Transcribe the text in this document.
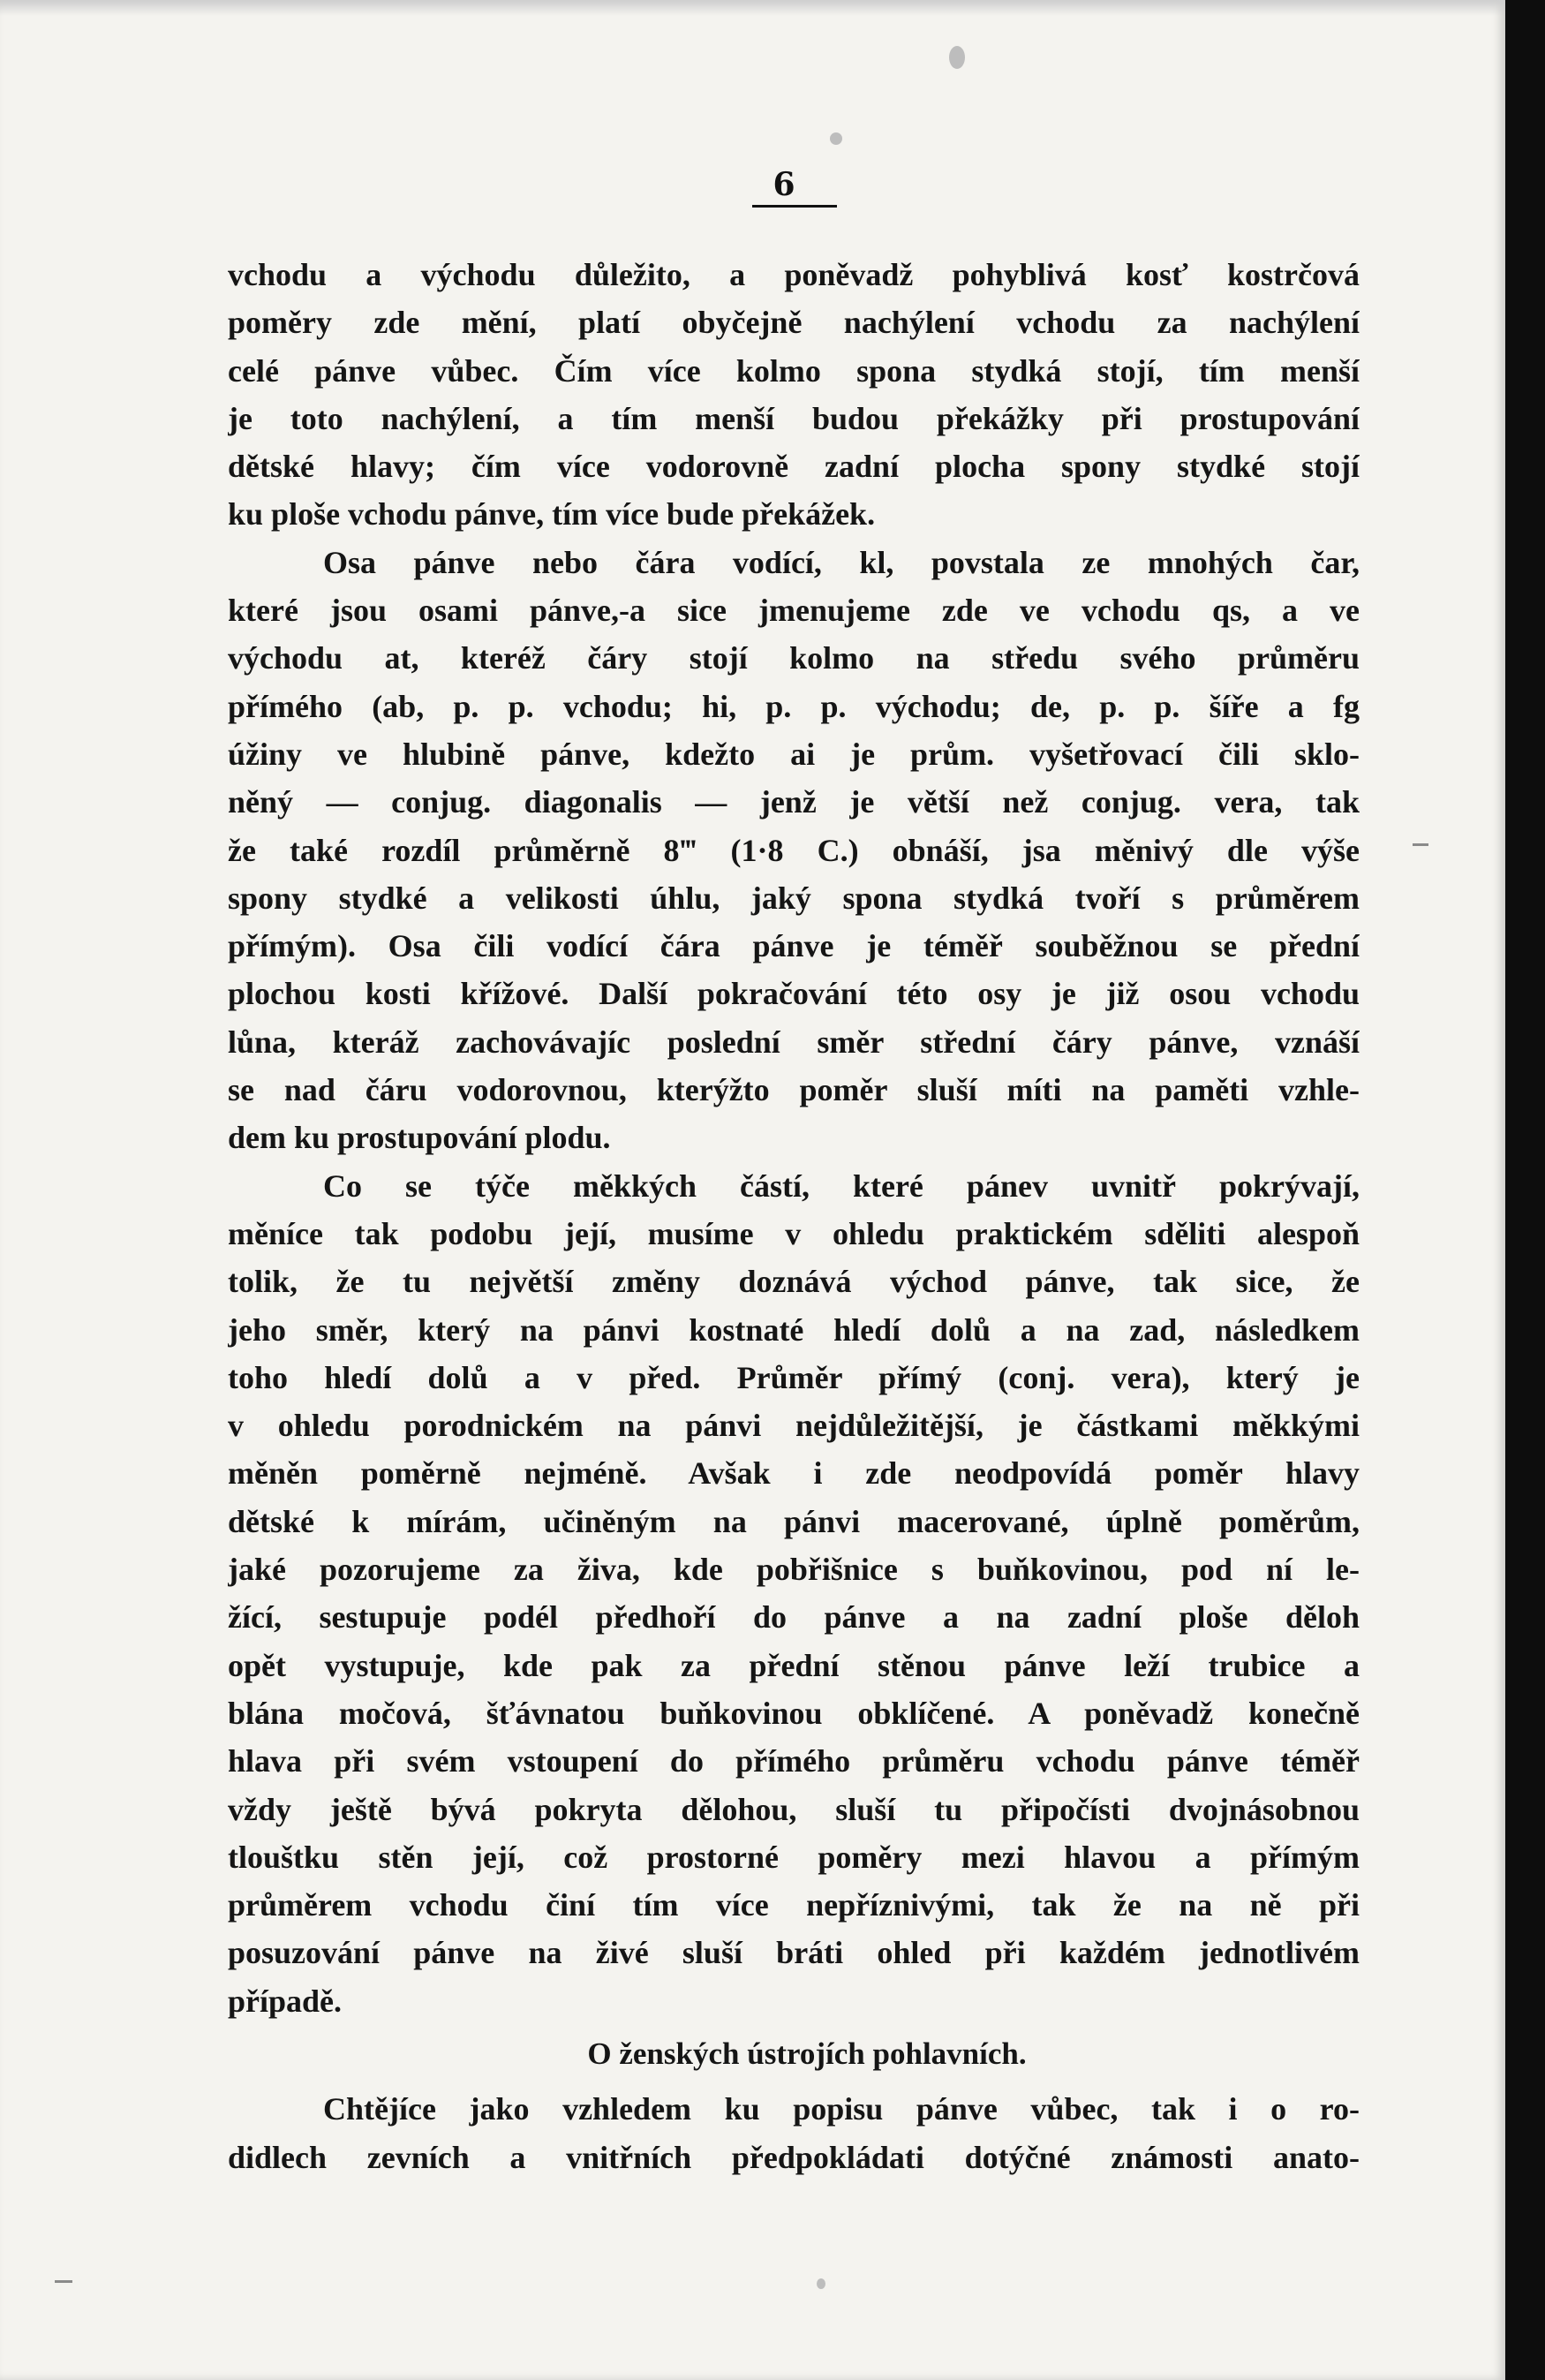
6
vchodu a východu důležito, a poněvadž pohyblivá kosť kostrčová
poměry zde mění, platí obyčejně nachýlení vchodu za nachýlení
celé pánve vůbec. Čím více kolmo spona stydká stojí, tím menší
je toto nachýlení, a tím menší budou překážky při prostupování
dětské hlavy; čím více vodorovně zadní plocha spony stydké stojí
ku ploše vchodu pánve, tím více bude překážek.
Osa pánve nebo čára vodící, kl, povstala ze mnohých čar,
které jsou osami pánve,-a sice jmenujeme zde ve vchodu qs, a ve
východu at, kteréž čáry stojí kolmo na středu svého průměru
přímého (ab, p. p. vchodu; hi, p. p. východu; de, p. p. šíře a fg
úžiny ve hlubině pánve, kdežto ai je prům. vyšetřovací čili sklo-
něný — conjug. diagonalis — jenž je větší než conjug. vera, tak
že také rozdíl průměrně 8‴ (1·8 C.) obnáší, jsa měnivý dle výše
spony stydké a velikosti úhlu, jaký spona stydká tvoří s průměrem
přímým). Osa čili vodící čára pánve je téměř souběžnou se přední
plochou kosti křížové. Další pokračování této osy je již osou vchodu
lůna, kteráž zachovávajíc poslední směr střední čáry pánve, vznáší
se nad čáru vodorovnou, kterýžto poměr sluší míti na paměti vzhle-
dem ku prostupování plodu.
Co se týče měkkých částí, které pánev uvnitř pokrývají,
měníce tak podobu její, musíme v ohledu praktickém sděliti alespoň
tolik, že tu největší změny doznává východ pánve, tak sice, že
jeho směr, který na pánvi kostnaté hledí dolů a na zad, následkem
toho hledí dolů a v před. Průměr přímý (conj. vera), který je
v ohledu porodnickém na pánvi nejdůležitější, je částkami měkkými
měněn poměrně nejméně. Avšak i zde neodpovídá poměr hlavy
dětské k mírám, učiněným na pánvi macerované, úplně poměrům,
jaké pozorujeme za živa, kde pobřišnice s buňkovinou, pod ní le-
žící, sestupuje podél předhoří do pánve a na zadní ploše děloh
opět vystupuje, kde pak za přední stěnou pánve leží trubice a
blána močová, šťávnatou buňkovinou obklíčené. A poněvadž konečně
hlava při svém vstoupení do přímého průměru vchodu pánve téměř
vždy ještě bývá pokryta dělohou, sluší tu připočísti dvojnásobnou
tlouštku stěn její, což prostorné poměry mezi hlavou a přímým
průměrem vchodu činí tím více nepříznivými, tak že na ně při
posuzování pánve na živé sluší bráti ohled při každém jednotlivém
případě.
O ženských ústrojích pohlavních.
Chtějíce jako vzhledem ku popisu pánve vůbec, tak i o ro-
didlech zevních a vnitřních předpokládati dotýčné známosti anato-
